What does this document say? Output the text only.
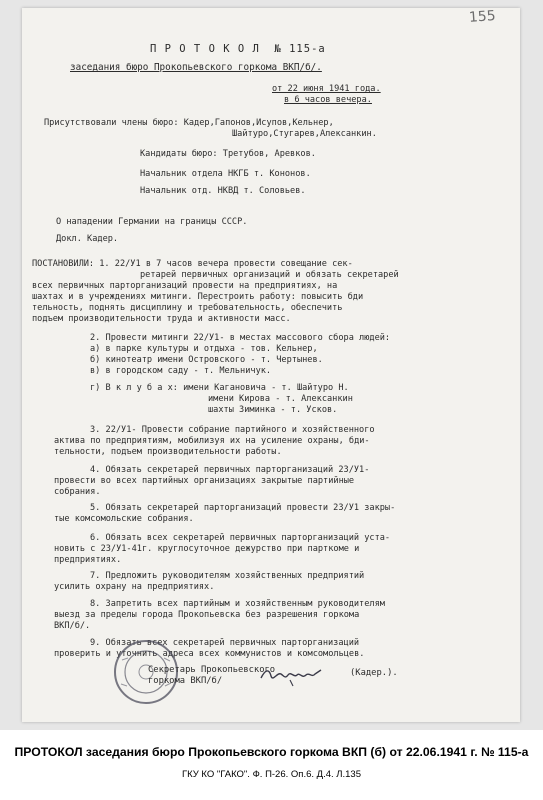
155
П Р О Т О К О Л  № 115-а
заседания бюро Прокопьевского горкома ВКП/б/.
от 22 июня 1941 года.
в 6 часов вечера.
Присутствовали члены бюро: Кадер,Гапонов,Исупов,Кельнер,
Шайтуро,Стугарев,Алексанкин.
Кандидаты бюро: Третубов, Аревков.
Начальник отдела НКГБ т. Кононов.
Начальник отд. НКВД т. Соловьев.
О нападении Германии на границы СССР.
Докл. Кадер.
ПОСТАНОВИЛИ: 1. 22/У1 в 7 часов вечера провести совещание сек-
ретарей первичных организаций и обязать секретарей
всех первичных парторганизаций провести на предприятиях, на
шахтах и в учреждениях митинги. Перестроить работу: повысить бди
тельность, поднять дисциплину и требовательность, обеспечить
подъем производительности труда и активности масс.
2. Провести митинги 22/У1- в местах массового сбора людей:
а) в парке культуры и отдыха - тов. Кельнер,
б) кинотеатр имени Островского - т. Чертынев.
в) в городском саду - т. Мельничук.
г) В к л у б а х: имени Кагановича - т. Шайтуро Н.
имени Кирова - т. Алексанкин
шахты Зиминка - т. Усков.
3. 22/У1- Провести собрание партийного и хозяйственного
актива по предприятиям, мобилизуя их на усиление охраны, бди-
тельности, подъем производительности работы.
4. Обязать секретарей первичных парторганизаций 23/У1-
провести во всех партийных организациях закрытые партийные
собрания.
5. Обязать секретарей парторганизаций провести 23/У1 закры-
тые комсомольские собрания.
6. Обязать всех секретарей первичных парторганизаций уста-
новить с 23/У1-41г. круглосуточное дежурство при парткоме и
предприятиях.
7. Предложить руководителям хозяйственных предприятий
усилить охрану на предприятиях.
8. Запретить всех партийным и хозяйственным руководителям
выезд за пределы города Прокопьевска без разрешения горкома
ВКП/б/.
9. Обязать всех секретарей первичных парторганизаций
проверить и уточнить адреса всех коммунистов и комсомольцев.
Секретарь Прокопьевского
горкома ВКП/б/
(Кадер.).
ПРОТОКОЛ заседания бюро Прокопьевского горкома ВКП (б) от 22.06.1941 г. № 115-а
ГКУ КО "ГАКО". Ф. П-26. Оп.6. Д.4. Л.135
